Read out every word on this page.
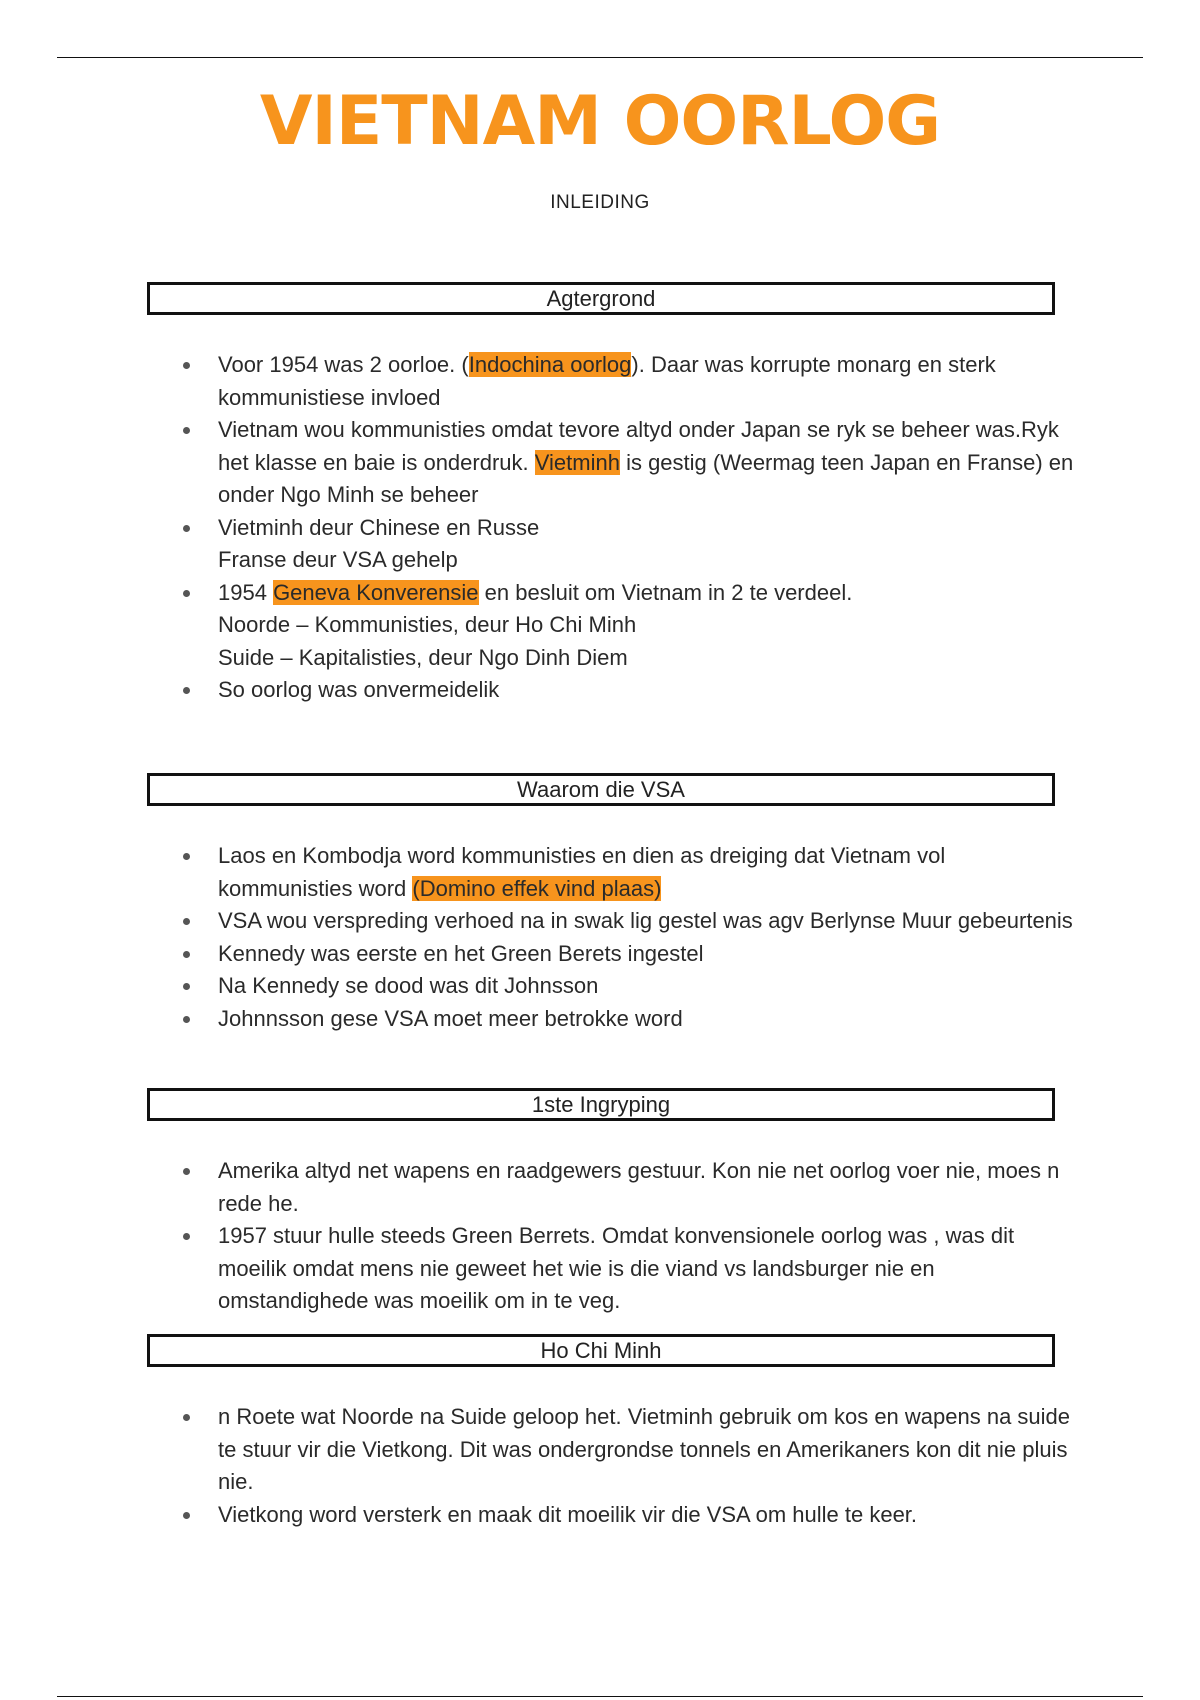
VIETNAM OORLOG
INLEIDING
Agtergrond
Voor 1954 was 2 oorloe. (Indochina oorlog). Daar was korrupte monarg en sterk kommunistiese invloed
Vietnam wou kommunisties omdat tevore altyd onder Japan se ryk se beheer was.Ryk het klasse en baie is onderdruk. Vietminh is gestig (Weermag teen Japan en Franse) en onder Ngo Minh se beheer
Vietminh deur Chinese en Russe
Franse deur VSA gehelp
1954 Geneva Konverensie en besluit om Vietnam in 2 te verdeel.
Noorde – Kommunisties, deur Ho Chi Minh
Suide – Kapitalisties, deur Ngo Dinh Diem
So oorlog was onvermeidelik
Waarom die VSA
Laos en Kombodja word kommunisties en dien as dreiging dat Vietnam vol kommunisties word (Domino effek vind plaas)
VSA wou verspreding verhoed na in swak lig gestel was agv Berlynse Muur gebeurtenis
Kennedy was eerste en het Green Berets ingestel
Na Kennedy se dood was dit Johnsson
Johnnsson gese VSA moet meer betrokke word
1ste Ingryping
Amerika altyd net wapens en raadgewers gestuur. Kon nie net oorlog voer nie, moes n rede he.
1957 stuur hulle steeds Green Berrets. Omdat konvensionele oorlog was , was dit moeilik omdat mens nie geweet het wie is die viand vs landsburger nie en omstandighede was moeilik om in te veg.
Ho Chi Minh
n Roete wat Noorde na Suide geloop het. Vietminh gebruik om kos en wapens na suide te stuur vir die Vietkong. Dit was ondergrondse tonnels en Amerikaners kon dit nie pluis nie.
Vietkong word versterk en maak dit moeilik vir die VSA om hulle te keer.
